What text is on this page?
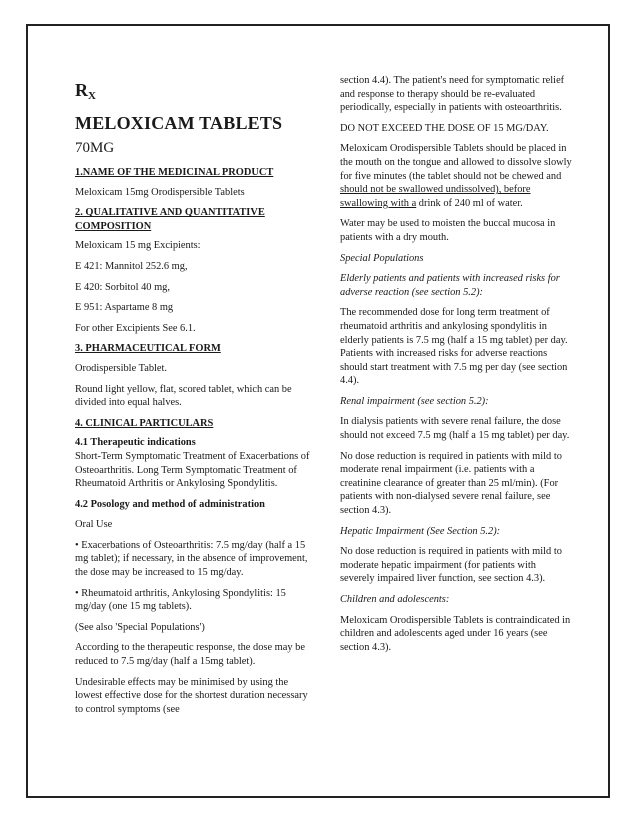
$R_X$
MELOXICAM TABLETS
70MG

1.NAME OF THE MEDICINAL PRODUCT

Meloxicam 15mg Orodispersible Tablets

2. QUALITATIVE AND QUANTITATIVE COMPOSITION

Meloxicam 15 mg Excipients:

E 421: Mannitol 252.6 mg,

E 420: Sorbitol 40 mg,

E 951: Aspartame 8 mg

For other Excipients See 6.1.

3. PHARMACEUTICAL FORM

Orodispersible Tablet.

Round light yellow, flat, scored tablet, which can be divided into equal halves.

4. CLINICAL PARTICULARS

4.1 Therapeutic indications

Short-Term Symptomatic Treatment of Exacerbations of Osteoarthritis. Long Term Symptomatic Treatment of Rheumatoid Arthritis or Ankylosing Spondylitis.

4.2 Posology and method of administration

Oral Use

• Exacerbations of Osteoarthritis: 7.5 mg/day (half a 15 mg tablet); if necessary, in the absence of improvement, the dose may be increased to 15 mg/day.

• Rheumatoid arthritis, Ankylosing Spondylitis: 15 mg/day (one 15 mg tablets).

(See also 'Special Populations')

According to the therapeutic response, the dose may be reduced to 7.5 mg/day (half a 15mg tablet).

Undesirable effects may be minimised by using the lowest effective dose for the shortest duration necessary to control symptoms (see

section 4.4). The patient's need for symptomatic relief and response to therapy should be re-evaluated periodically, especially in patients with osteoarthritis.

DO NOT EXCEED THE DOSE OF 15 MG/DAY.

Meloxicam Orodispersible Tablets should be placed in the mouth on the tongue and allowed to dissolve slowly for five minutes (the tablet should not be chewed and should not be swallowed undissolved), before swallowing with a drink of 240 ml of water.

Water may be used to moisten the buccal mucosa in patients with a dry mouth.

Special Populations

Elderly patients and patients with increased risks for adverse reaction (see section 5.2):

The recommended dose for long term treatment of rheumatoid arthritis and ankylosing spondylitis in elderly patients is 7.5 mg (half a 15 mg tablet) per day. Patients with increased risks for adverse reactions should start treatment with 7.5 mg per day (see section 4.4).

Renal impairment (see section 5.2):

In dialysis patients with severe renal failure, the dose should not exceed 7.5 mg (half a 15 mg tablet) per day.

No dose reduction is required in patients with mild to moderate renal impairment (i.e. patients with a creatinine clearance of greater than 25 ml/min). (For patients with non-dialysed severe renal failure, see section 4.3).

Hepatic Impairment (See Section 5.2):

No dose reduction is required in patients with mild to moderate hepatic impairment (for patients with severely impaired liver function, see section 4.3).

Children and adolescents:

Meloxicam Orodispersible Tablets is contraindicated in children and adolescents aged under 16 years (see section 4.3).
